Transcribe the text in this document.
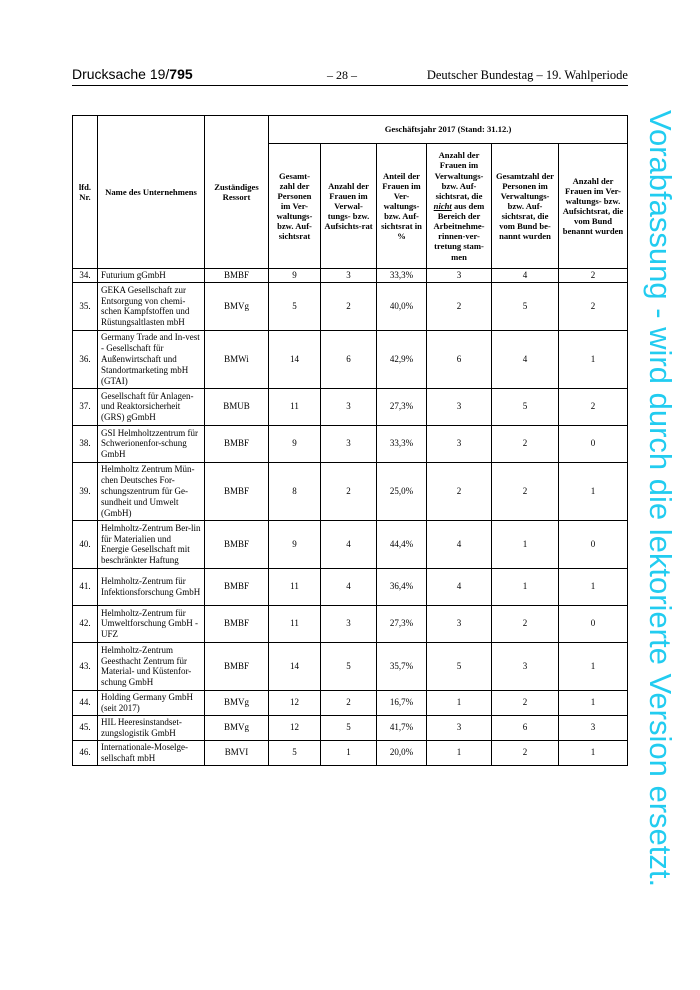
Drucksache 19/795	– 28 –	Deutscher Bundestag – 19. Wahlperiode
lfd. Nr.	Name des Unternehmens	Zuständiges Ressort	Geschäftsjahr 2017 (Stand: 31.12.)					
			Gesamt-zahl der Personen im Ver-waltungs-bzw. Auf-sichtsrat	Anzahl der Frauen im Verwal-tungs- bzw. Aufsichts-rat	Anteil der Frauen im Ver-waltungs-bzw. Auf-sichtsrat in %	Anzahl der Frauen im Verwaltungs-bzw. Auf-sichtsrat, die nicht aus dem Bereich der Arbeitnehme-rinnen-ver-tretung stam-men	Gesamtzahl der Personen im Verwaltungs-bzw. Auf-sichtsrat, die vom Bund be-nannt wurden	Anzahl der Frauen im Ver-waltungs- bzw. Aufsichtsrat, die vom Bund benannt wurden
34.	Futurium gGmbH	BMBF	9	3	33,3%	3	4	2
35.	GEKA Gesellschaft zur Entsorgung von chemi-schen Kampfstoffen und Rüstungsaltlasten mbH	BMVg	5	2	40,0%	2	5	2
36.	Germany Trade and In-vest - Gesellschaft für Außenwirtschaft und Standortmarketing mbH (GTAI)	BMWi	14	6	42,9%	6	4	1
37.	Gesellschaft für Anlagen-und Reaktorsicherheit (GRS) gGmbH	BMUB	11	3	27,3%	3	5	2
38.	GSI Helmholtzzentrum für Schwerionenfor-schung GmbH	BMBF	9	3	33,3%	3	2	0
39.	Helmholtz Zentrum Mün-chen Deutsches For-schungszentrum für Ge-sundheit und Umwelt (GmbH)	BMBF	8	2	25,0%	2	2	1
40.	Helmholtz-Zentrum Ber-lin für Materialien und Energie Gesellschaft mit beschränkter Haftung	BMBF	9	4	44,4%	4	1	0
41.	Helmholtz-Zentrum für Infektionsforschung GmbH	BMBF	11	4	36,4%	4	1	1
42.	Helmholtz-Zentrum für Umweltforschung GmbH - UFZ	BMBF	11	3	27,3%	3	2	0
43.	Helmholtz-Zentrum Geesthacht Zentrum für Material- und Küstenfor-schung GmbH	BMBF	14	5	35,7%	5	3	1
44.	Holding Germany GmbH (seit 2017)	BMVg	12	2	16,7%	1	2	1
45.	HIL Heeresinstandset-zungslogistik GmbH	BMVg	12	5	41,7%	3	6	3
46.	Internationale-Moselge-sellschaft mbH	BMVI	5	1	20,0%	1	2	1 Vorabfassung - wird durch die lektorierte Version ersetzt.
